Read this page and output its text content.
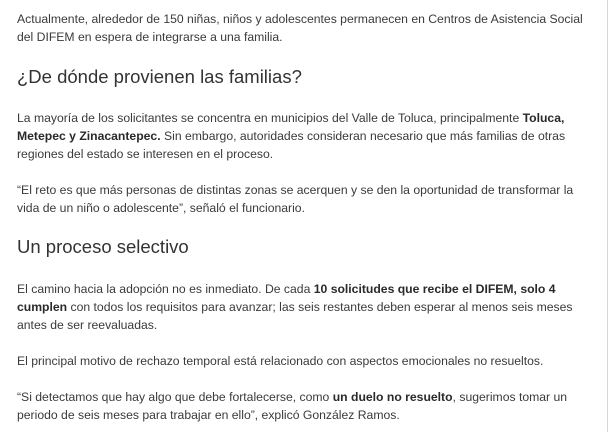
Actualmente, alrededor de 150 niñas, niños y adolescentes permanecen en Centros de Asistencia Social del DIFEM en espera de integrarse a una familia.

¿De dónde provienen las familias?

La mayoría de los solicitantes se concentra en municipios del Valle de Toluca, principalmente Toluca, Metepec y Zinacantepec. Sin embargo, autoridades consideran necesario que más familias de otras regiones del estado se interesen en el proceso.

“El reto es que más personas de distintas zonas se acerquen y se den la oportunidad de transformar la vida de un niño o adolescente”, señaló el funcionario.

Un proceso selectivo

El camino hacia la adopción no es inmediato. De cada 10 solicitudes que recibe el DIFEM, solo 4 cumplen con todos los requisitos para avanzar; las seis restantes deben esperar al menos seis meses antes de ser reevaluadas.

El principal motivo de rechazo temporal está relacionado con aspectos emocionales no resueltos.

“Si detectamos que hay algo que debe fortalecerse, como un duelo no resuelto, sugerimos tomar un periodo de seis meses para trabajar en ello”, explicó González Ramos.
